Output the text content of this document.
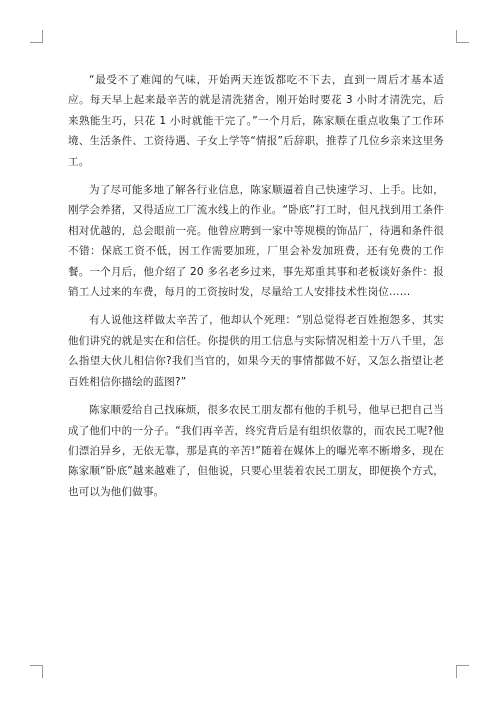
“最受不了难闻的气味，开始两天连饭都吃不下去，直到一周后才基本适应。每天早上起来最辛苦的就是清洗猪舍，刚开始时要花 3 小时才清洗完，后来熟能生巧，只花 1 小时就能干完了。”一个月后，陈家顺在重点收集了工作环境、生活条件、工资待遇、子女上学等“情报”后辞职，推荐了几位乡亲来这里务工。

为了尽可能多地了解各行业信息，陈家顺逼着自己快速学习、上手。比如，刚学会养猪，又得适应工厂流水线上的作业。“卧底”打工时，但凡找到用工条件相对优越的，总会眼前一亮。他曾应聘到一家中等规模的饰品厂，待遇和条件很不错：保底工资不低，因工作需要加班，厂里会补发加班费，还有免费的工作餐。一个月后，他介绍了 20 多名老乡过来，事先郑重其事和老板谈好条件：报销工人过来的车费，每月的工资按时发，尽量给工人安排技术性岗位……

有人说他这样做太辛苦了，他却认个死理：“别总觉得老百姓抱怨多，其实他们讲究的就是实在和信任。你提供的用工信息与实际情况相差十万八千里，怎么指望大伙儿相信你?我们当官的，如果今天的事情都做不好，又怎么指望让老百姓相信你描绘的蓝图?”

陈家顺爱给自己找麻烦，很多农民工朋友都有他的手机号，他早已把自己当成了他们中的一分子。“我们再辛苦，终究背后是有组织依靠的，而农民工呢?他们漂泊异乡，无依无靠，那是真的辛苦!”随着在媒体上的曝光率不断增多，现在陈家顺“卧底”越来越难了，但他说，只要心里装着农民工朋友，即便换个方式，也可以为他们做事。
